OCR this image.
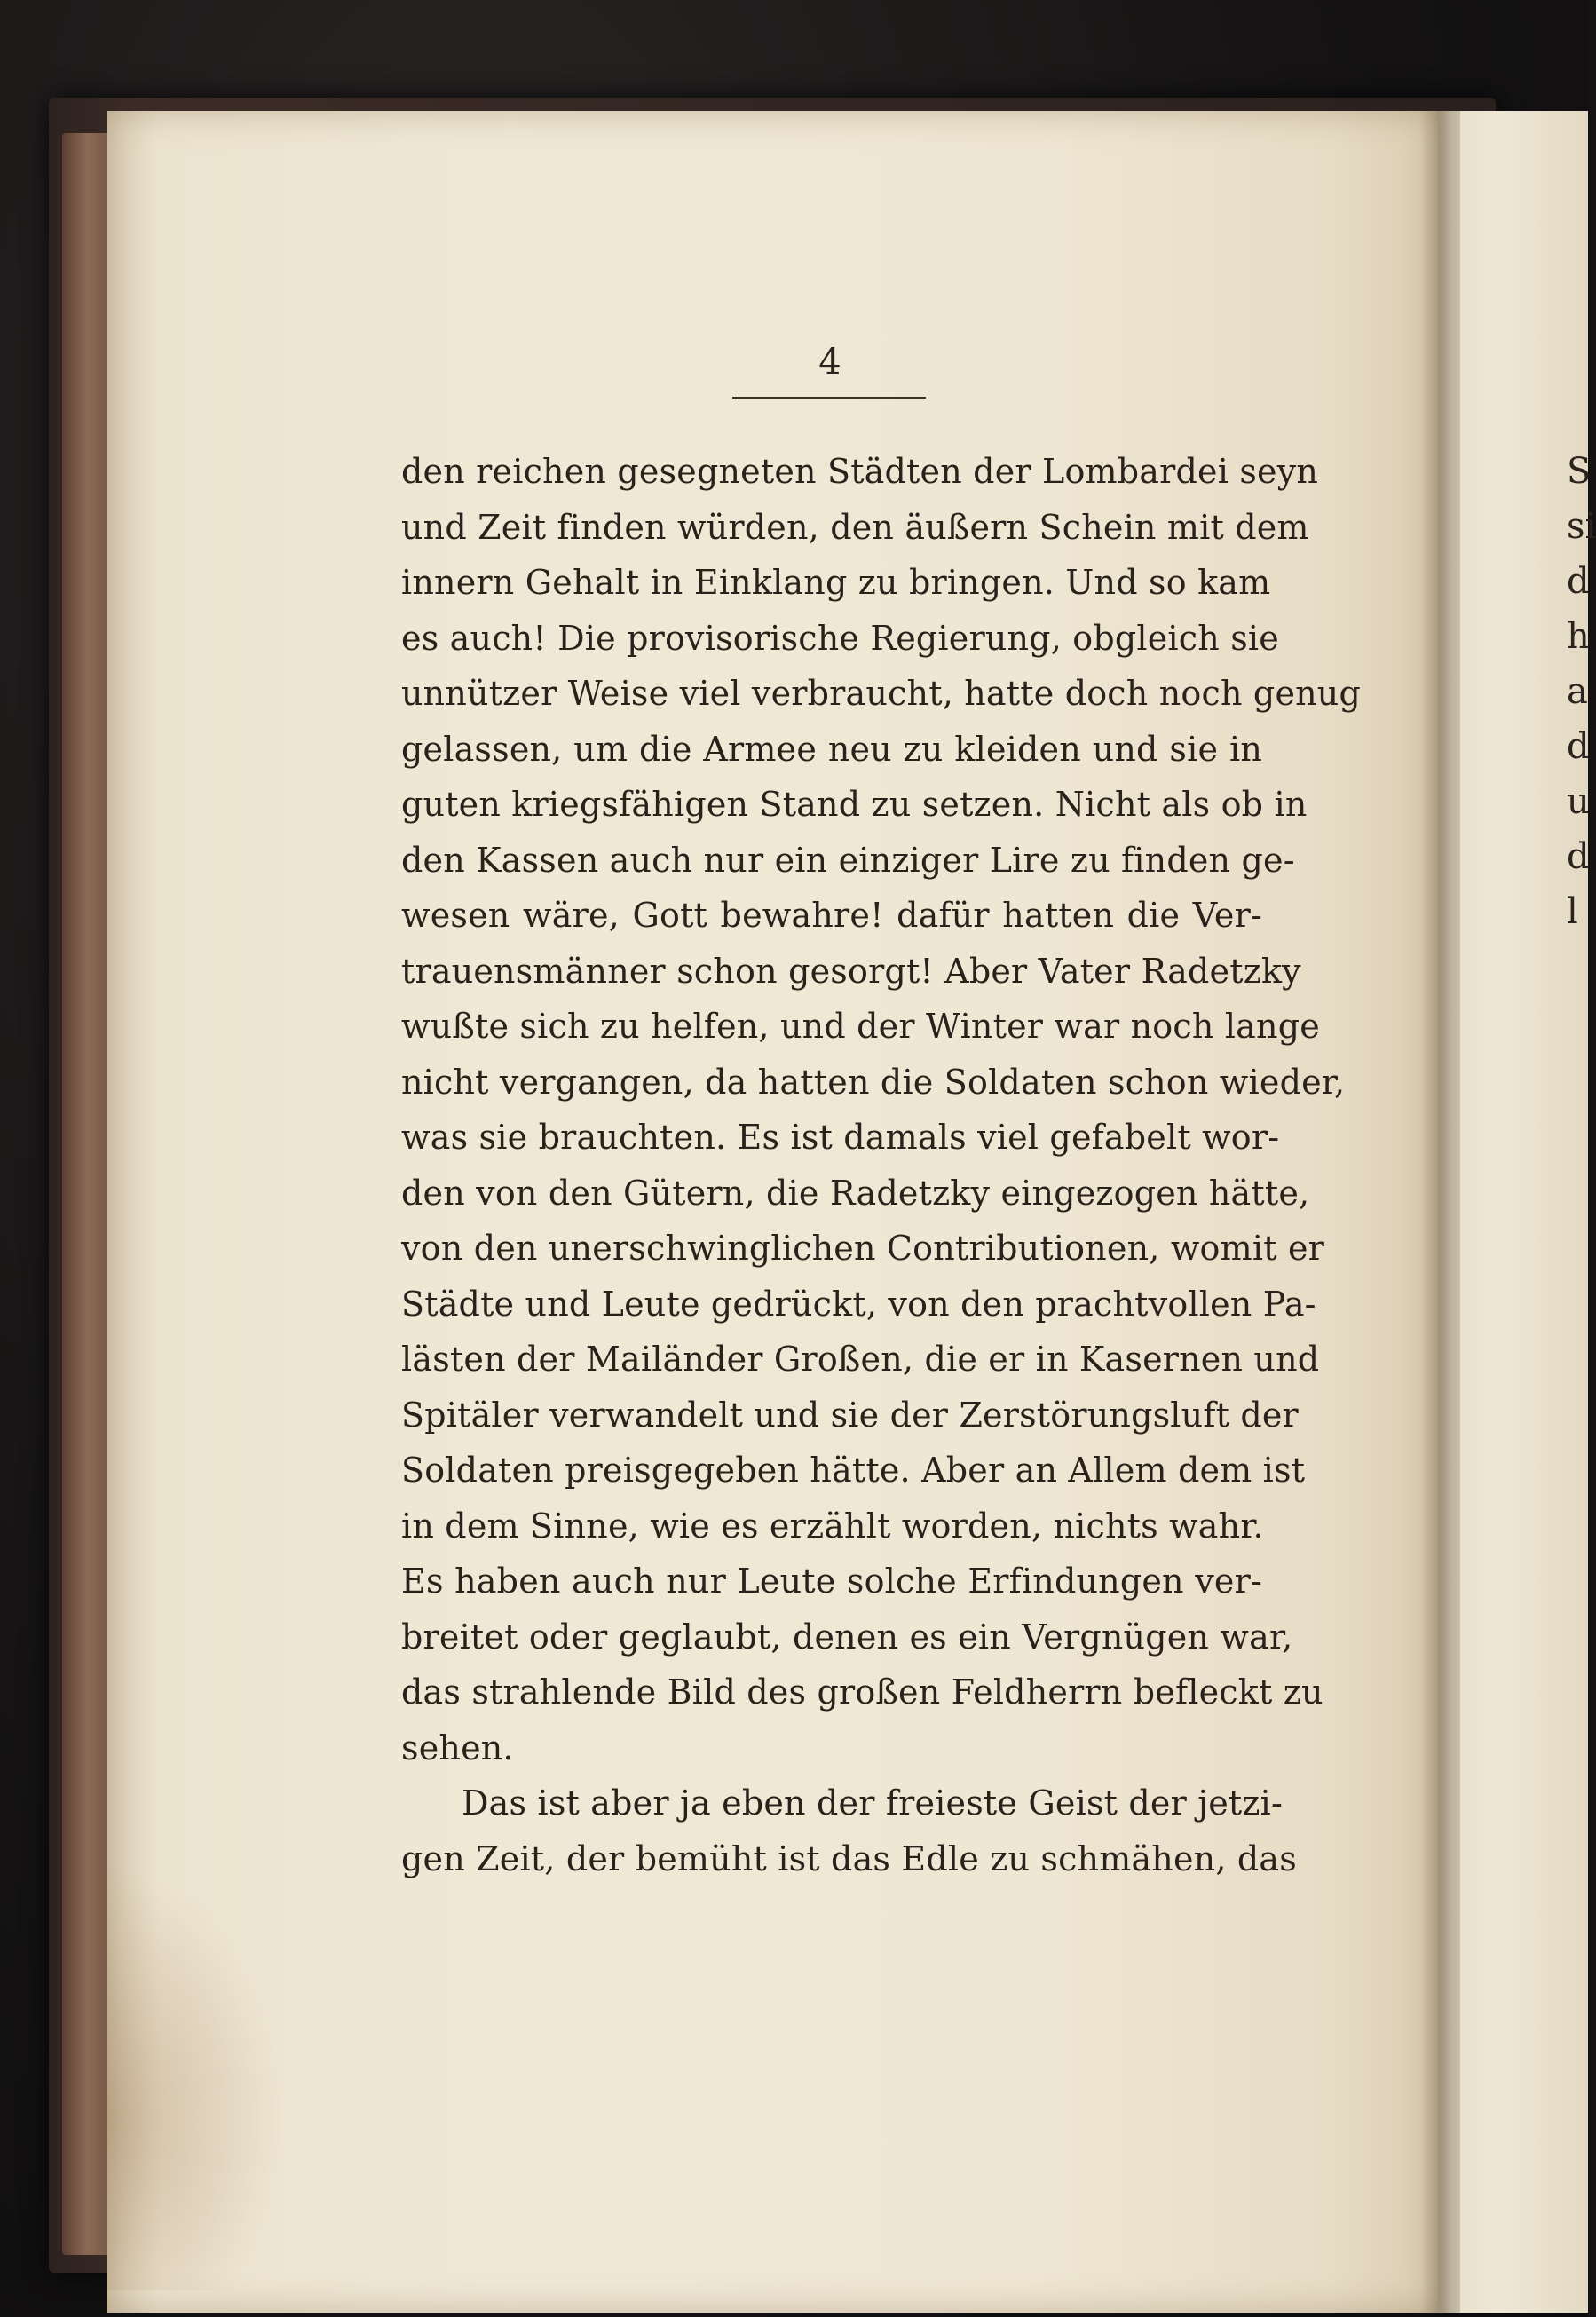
S
si
d
h
a
d
u
d
l
4
den reichen gesegneten Städten der Lombardei seyn
und Zeit finden würden, den äußern Schein mit dem
innern Gehalt in Einklang zu bringen. Und so kam
es auch! Die provisorische Regierung, obgleich sie
unnützer Weise viel verbraucht, hatte doch noch genug
gelassen, um die Armee neu zu kleiden und sie in
guten kriegsfähigen Stand zu setzen. Nicht als ob in
den Kassen auch nur ein einziger Lire zu finden ge-
wesen wäre, Gott bewahre! dafür hatten die Ver-
trauensmänner schon gesorgt! Aber Vater Radetzky
wußte sich zu helfen, und der Winter war noch lange
nicht vergangen, da hatten die Soldaten schon wieder,
was sie brauchten. Es ist damals viel gefabelt wor-
den von den Gütern, die Radetzky eingezogen hätte,
von den unerschwinglichen Contributionen, womit er
Städte und Leute gedrückt, von den prachtvollen Pa-
lästen der Mailänder Großen, die er in Kasernen und
Spitäler verwandelt und sie der Zerstörungsluft der
Soldaten preisgegeben hätte. Aber an Allem dem ist
in dem Sinne, wie es erzählt worden, nichts wahr.
Es haben auch nur Leute solche Erfindungen ver-
breitet oder geglaubt, denen es ein Vergnügen war,
das strahlende Bild des großen Feldherrn befleckt zu
sehen.
Das ist aber ja eben der freieste Geist der jetzi-
gen Zeit, der bemüht ist das Edle zu schmähen, das
